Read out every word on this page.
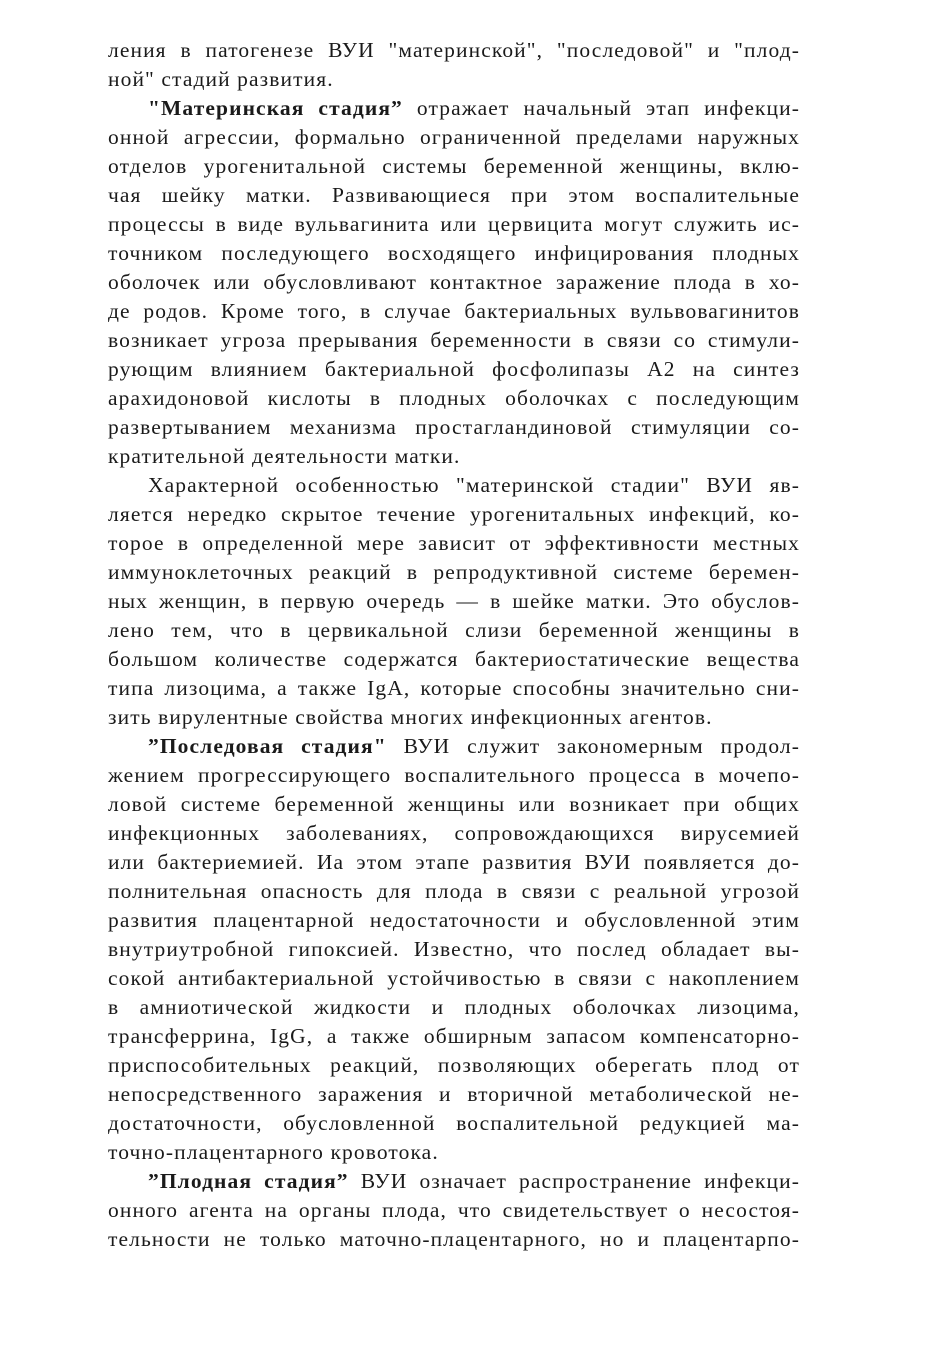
ления в патогенезе ВУИ "материнской", "последовой" и "плод-
ной" стадий развития.
"Материнская стадия” отражает начальный этап инфекци-
онной агрессии, формально ограниченной пределами наружных
отделов урогенитальной системы беременной женщины, вклю-
чая шейку матки. Развивающиеся при этом воспалительные
процессы в виде вульвагинита или цервицита могут служить ис-
точником последующего восходящего инфицирования плодных
оболочек или обусловливают контактное заражение плода в хо-
де родов. Кроме того, в случае бактериальных вульвовагинитов
возникает угроза прерывания беременности в связи со стимули-
рующим влиянием бактериальной фосфолипазы А2 на синтез
арахидоновой кислоты в плодных оболочках с последующим
развертыванием механизма простагландиновой стимуляции со-
кратительной деятельности матки.
Характерной особенностью "материнской стадии" ВУИ яв-
ляется нередко скрытое течение урогенитальных инфекций, ко-
торое в определенной мере зависит от эффективности местных
иммуноклеточных реакций в репродуктивной системе беремен-
ных женщин, в первую очередь — в шейке матки. Это обуслов-
лено тем, что в цервикальной слизи беременной женщины в
большом количестве содержатся бактериостатические вещества
типа лизоцима, а также IgA, которые способны значительно сни-
зить вирулентные свойства многих инфекционных агентов.
”Последовая стадия" ВУИ служит закономерным продол-
жением прогрессирующего воспалительного процесса в мочепо-
ловой системе беременной женщины или возникает при общих
инфекционных заболеваниях, сопровождающихся вирусемией
или бактериемией. Иа этом этапе развития ВУИ появляется до-
полнительная опасность для плода в связи с реальной угрозой
развития плацентарной недостаточности и обусловленной этим
внутриутробной гипоксией. Известно, что послед обладает вы-
сокой антибактериальной устойчивостью в связи с накоплением
в амниотической жидкости и плодных оболочках лизоцима,
трансферрина, IgG, а также обширным запасом компенсаторно-
приспособительных реакций, позволяющих оберегать плод от
непосредственного заражения и вторичной метаболической не-
достаточности, обусловленной воспалительной редукцией ма-
точно-плацентарного кровотока.
”Плодная стадия” ВУИ означает распространение инфекци-
онного агента на органы плода, что свидетельствует о несостоя-
тельности не только маточно-плацентарного, но и плацентарпо-
